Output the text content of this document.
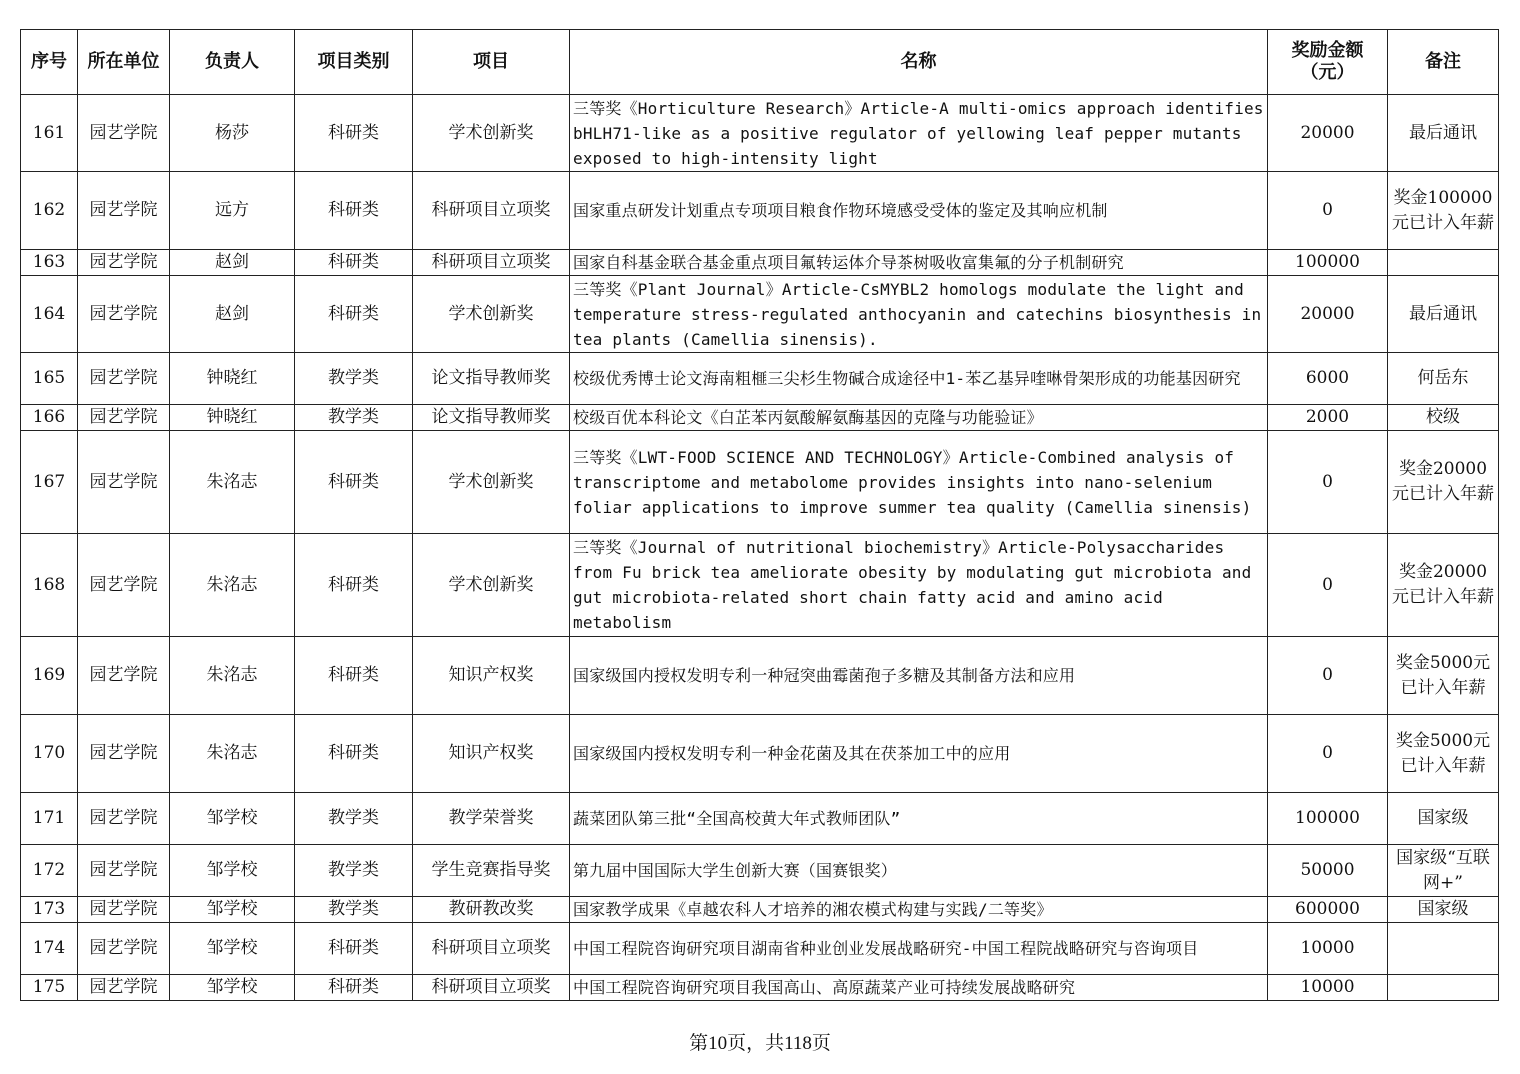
序号	所在单位	负责人	项目类别	项目	名称	奖励金额（元）	备注
161	园艺学院	杨莎	科研类	学术创新奖	三等奖《Horticulture Research》Article-A multi-omics approach identifies bHLH71-like as a positive regulator of yellowing leaf pepper mutants exposed to high-intensity light	20000	最后通讯
162	园艺学院	远方	科研类	科研项目立项奖	国家重点研发计划重点专项项目粮食作物环境感受受体的鉴定及其响应机制	0	奖金100000元已计入年薪
163	园艺学院	赵剑	科研类	科研项目立项奖	国家自科基金联合基金重点项目氟转运体介导茶树吸收富集氟的分子机制研究	100000	
164	园艺学院	赵剑	科研类	学术创新奖	三等奖《Plant Journal》Article-CsMYBL2 homologs modulate the light and temperature stress-regulated anthocyanin and catechins biosynthesis in tea plants (Camellia sinensis).	20000	最后通讯
165	园艺学院	钟晓红	教学类	论文指导教师奖	校级优秀博士论文海南粗榧三尖杉生物碱合成途径中1-苯乙基异喹啉骨架形成的功能基因研究	6000	何岳东
166	园艺学院	钟晓红	教学类	论文指导教师奖	校级百优本科论文《白芷苯丙氨酸解氨酶基因的克隆与功能验证》	2000	校级
167	园艺学院	朱洺志	科研类	学术创新奖	三等奖《LWT-FOOD SCIENCE AND TECHNOLOGY》Article-Combined analysis of transcriptome and metabolome provides insights into nano-selenium foliar applications to improve summer tea quality (Camellia sinensis)	0	奖金20000元已计入年薪
168	园艺学院	朱洺志	科研类	学术创新奖	三等奖《Journal of nutritional biochemistry》Article-Polysaccharides from Fu brick tea ameliorate obesity by modulating gut microbiota and gut microbiota-related short chain fatty acid and amino acid metabolism	0	奖金20000元已计入年薪
169	园艺学院	朱洺志	科研类	知识产权奖	国家级国内授权发明专利一种冠突曲霉菌孢子多糖及其制备方法和应用	0	奖金5000元已计入年薪
170	园艺学院	朱洺志	科研类	知识产权奖	国家级国内授权发明专利一种金花菌及其在茯茶加工中的应用	0	奖金5000元已计入年薪
171	园艺学院	邹学校	教学类	教学荣誉奖	蔬菜团队第三批“全国高校黄大年式教师团队”	100000	国家级
172	园艺学院	邹学校	教学类	学生竞赛指导奖	第九届中国国际大学生创新大赛（国赛银奖）	50000	国家级“互联网+”
173	园艺学院	邹学校	教学类	教研教改奖	国家教学成果《卓越农科人才培养的湘农模式构建与实践/二等奖》	600000	国家级
174	园艺学院	邹学校	科研类	科研项目立项奖	中国工程院咨询研究项目湖南省种业创业发展战略研究-中国工程院战略研究与咨询项目	10000	
175	园艺学院	邹学校	科研类	科研项目立项奖	中国工程院咨询研究项目我国高山、高原蔬菜产业可持续发展战略研究	10000	
第10页，共118页
